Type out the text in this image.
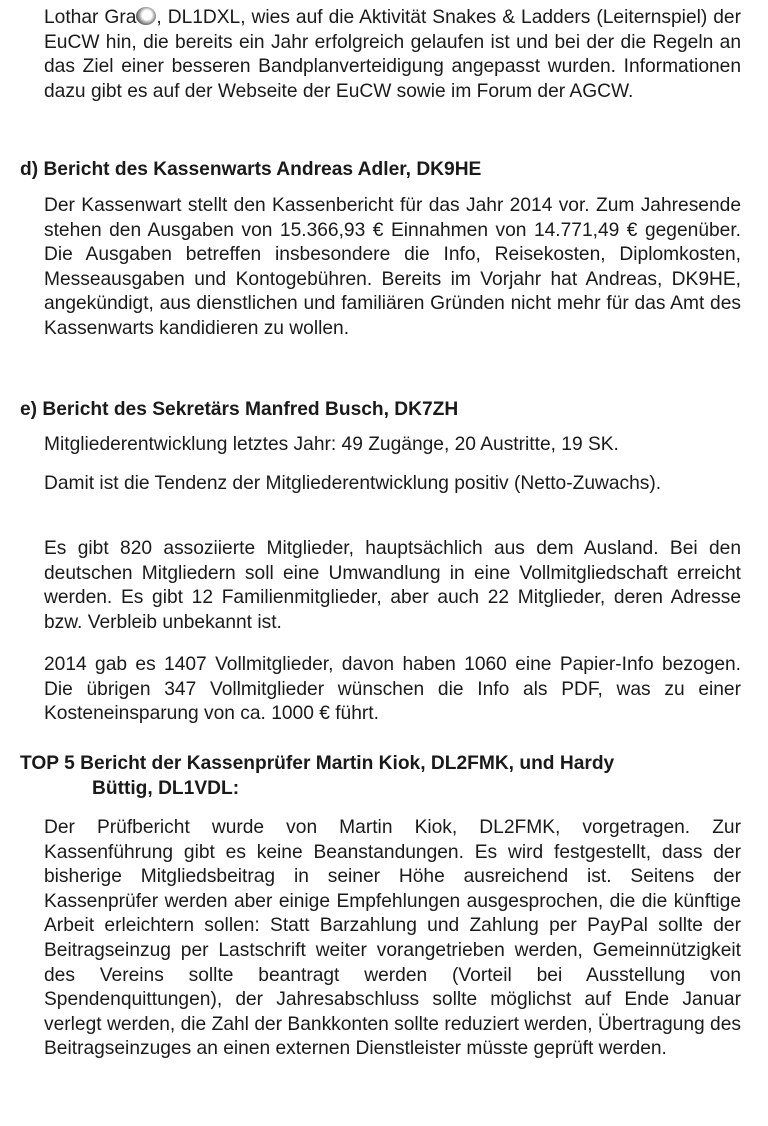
Lothar Gra , DL1DXL, wies auf die Aktivität Snakes & Ladders (Leiternspiel) der EuCW hin, die bereits ein Jahr erfolgreich gelaufen ist und bei der die Regeln an das Ziel einer besseren Bandplanverteidigung angepasst wurden. Informationen dazu gibt es auf der Webseite der EuCW sowie im Forum der AGCW.

d) Bericht des Kassenwarts Andreas Adler, DK9HE

Der Kassenwart stellt den Kassenbericht für das Jahr 2014 vor. Zum Jahresende stehen den Ausgaben von 15.366,93 € Einnahmen von 14.771,49 € gegenüber. Die Ausgaben betreffen insbesondere die Info, Reisekosten, Diplomkosten, Messeausgaben und Kontogebühren. Bereits im Vorjahr hat Andreas, DK9HE, angekündigt, aus dienstlichen und familiären Gründen nicht mehr für das Amt des Kassenwarts kandidieren zu wollen.

e) Bericht des Sekretärs Manfred Busch, DK7ZH

Mitgliederentwicklung letztes Jahr: 49 Zugänge, 20 Austritte, 19 SK.

Damit ist die Tendenz der Mitgliederentwicklung positiv (Netto-Zuwachs).

Es gibt 820 assoziierte Mitglieder, hauptsächlich aus dem Ausland. Bei den deutschen Mitgliedern soll eine Umwandlung in eine Vollmitgliedschaft erreicht werden. Es gibt 12 Familienmitglieder, aber auch 22 Mitglieder, deren Adresse bzw. Verbleib unbekannt ist.

2014 gab es 1407 Vollmitglieder, davon haben 1060 eine Papier-Info bezogen. Die übrigen 347 Vollmitglieder wünschen die Info als PDF, was zu einer Kosteneinsparung von ca. 1000 € führt.

TOP 5 Bericht der Kassenprüfer Martin Kiok, DL2FMK, und Hardy
Büttig, DL1VDL:

Der Prüfbericht wurde von Martin Kiok, DL2FMK, vorgetragen. Zur Kassenführung gibt es keine Beanstandungen. Es wird festgestellt, dass der bisherige Mitgliedsbeitrag in seiner Höhe ausreichend ist. Seitens der Kassenprüfer werden aber einige Empfehlungen ausgesprochen, die die künftige Arbeit erleichtern sollen: Statt Barzahlung und Zahlung per PayPal sollte der Beitragseinzug per Lastschrift weiter vorangetrieben werden, Gemeinnützigkeit des Vereins sollte beantragt werden (Vorteil bei Ausstellung von Spendenquittungen), der Jahresabschluss sollte möglichst auf Ende Januar verlegt werden, die Zahl der Bankkonten sollte reduziert werden, Übertragung des Beitragseinzuges an einen externen Dienstleister müsste geprüft werden.
